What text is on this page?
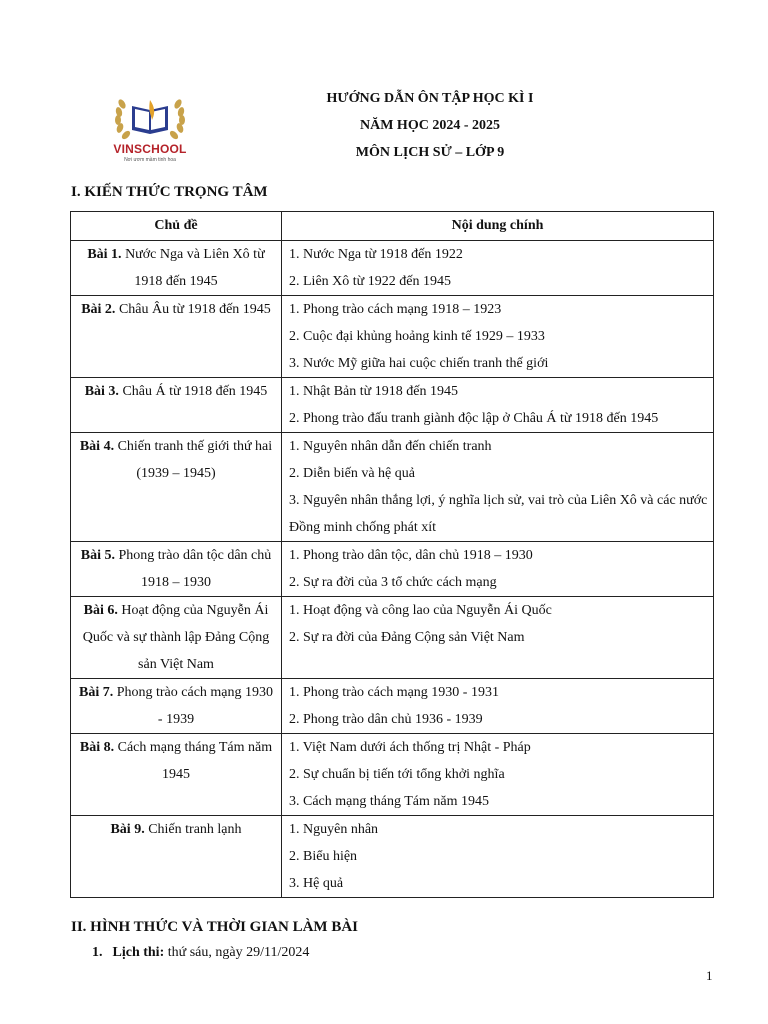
VINSCHOOL
Nơi ươm mầm tinh hoa
HƯỚNG DẪN ÔN TẬP HỌC KÌ I
NĂM HỌC 2024 - 2025
MÔN LỊCH SỬ – LỚP 9
I. KIẾN THỨC TRỌNG TÂM
Chủ đề	Nội dung chính
Bài 1. Nước Nga và Liên Xô từ 1918 đến 1945	1. Nước Nga từ 1918 đến 1922
2. Liên Xô từ 1922 đến 1945

Bài 2. Châu Âu từ 1918 đến 1945	1. Phong trào cách mạng 1918 – 1923
2. Cuộc đại khủng hoảng kinh tế 1929 – 1933
3. Nước Mỹ giữa hai cuộc chiến tranh thế giới

Bài 3. Châu Á từ 1918 đến 1945	1. Nhật Bản từ 1918 đến 1945
2. Phong trào đấu tranh giành độc lập ở Châu Á từ 1918 đến 1945

Bài 4. Chiến tranh thế giới thứ hai (1939 – 1945)	1. Nguyên nhân dẫn đến chiến tranh
2. Diễn biến và hệ quả
3. Nguyên nhân thắng lợi, ý nghĩa lịch sử, vai trò của Liên Xô và các nước Đồng minh chống phát xít

Bài 5. Phong trào dân tộc dân chủ 1918 – 1930	1. Phong trào dân tộc, dân chủ 1918 – 1930
2. Sự ra đời của 3 tổ chức cách mạng

Bài 6. Hoạt động của Nguyễn Ái Quốc và sự thành lập Đảng Cộng sản Việt Nam	1. Hoạt động và công lao của Nguyễn Ái Quốc
2. Sự ra đời của Đảng Cộng sản Việt Nam

Bài 7. Phong trào cách mạng 1930 - 1939	1. Phong trào cách mạng 1930 - 1931
2. Phong trào dân chủ 1936 - 1939

Bài 8. Cách mạng tháng Tám năm 1945	1. Việt Nam dưới ách thống trị Nhật - Pháp
2. Sự chuẩn bị tiến tới tổng khởi nghĩa
3. Cách mạng tháng Tám năm 1945

Bài 9. Chiến tranh lạnh	1. Nguyên nhân
2. Biểu hiện
3. Hệ quả
II. HÌNH THỨC VÀ THỜI GIAN LÀM BÀI
1. Lịch thi: thứ sáu, ngày 29/11/2024
1
